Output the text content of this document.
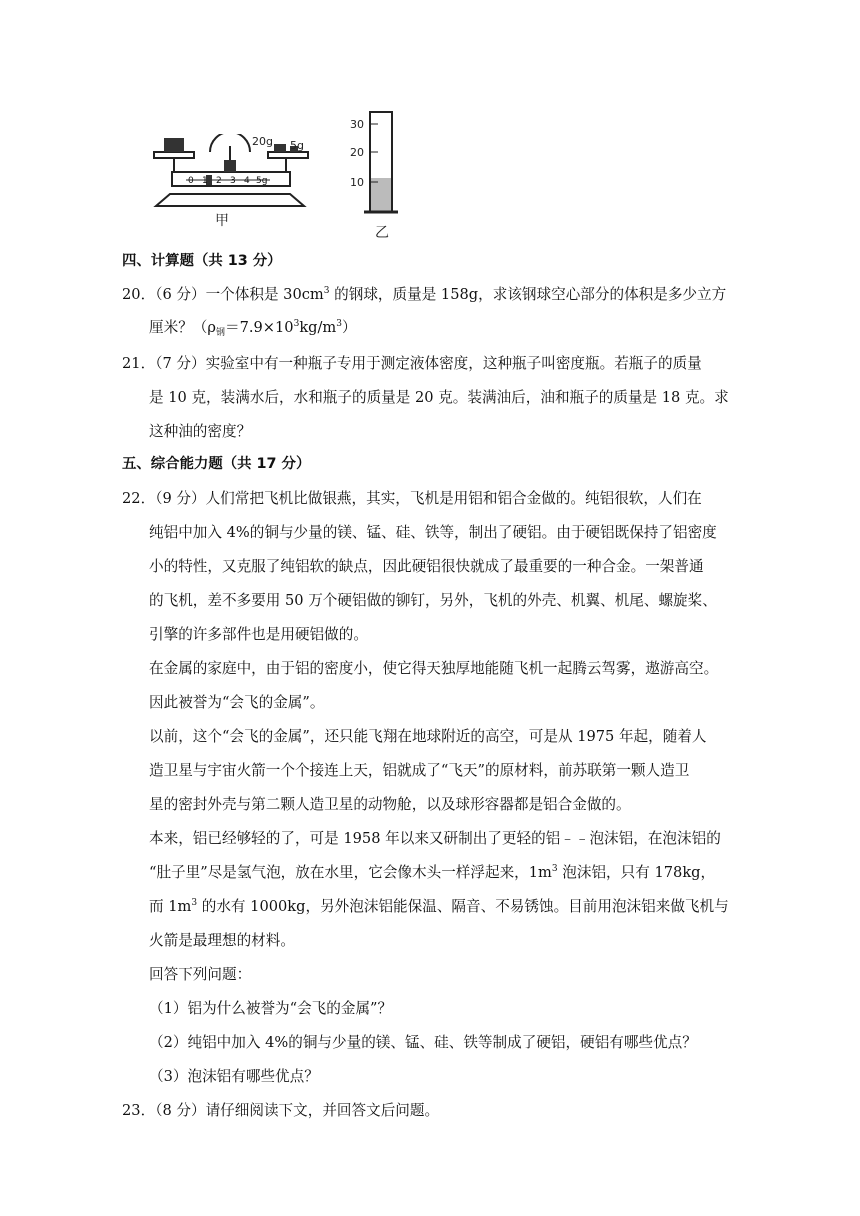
20g 5g
0 1 2 3 4 5g
甲
30
20
10
乙
四、计算题（共 13 分）
20．（6 分）一个体积是 $30cm^3$ 的钢球，质量是 158g，求该钢球空心部分的体积是多少立方
厘米？$(\rho_钢=7.9\times 10^3kg/m^3)$
21．（7 分）实验室中有一种瓶子专用于测定液体密度，这种瓶子叫密度瓶。若瓶子的质量
是 10 克，装满水后，水和瓶子的质量是 20 克。装满油后，油和瓶子的质量是 18 克。求
这种油的密度？
五、综合能力题（共 17 分）
22．（9 分）人们常把飞机比做银燕，其实，飞机是用铝和铝合金做的。纯铝很软，人们在
纯铝中加入 4%的铜与少量的镁、锰、硅、铁等，制出了硬铝。由于硬铝既保持了铝密度
小的特性，又克服了纯铝软的缺点，因此硬铝很快就成了最重要的一种合金。一架普通
的飞机，差不多要用 50 万个硬铝做的铆钉，另外，飞机的外壳、机翼、机尾、螺旋桨、
引擎的许多部件也是用硬铝做的。
在金属的家庭中，由于铝的密度小，使它得天独厚地能随飞机一起腾云驾雾，遨游高空。
因此被誉为“会飞的金属”。
以前，这个“会飞的金属”，还只能飞翔在地球附近的高空，可是从 1975 年起，随着人
造卫星与宇宙火箭一个个接连上天，铝就成了“飞天”的原材料，前苏联第一颗人造卫
星的密封外壳与第二颗人造卫星的动物舱，以及球形容器都是铝合金做的。
本来，铝已经够轻的了，可是 1958 年以来又研制出了更轻的铝﹣﹣泡沫铝，在泡沫铝的
“肚子里”尽是氢气泡，放在水里，它会像木头一样浮起来，$1m^3$ 泡沫铝，只有 178kg，
而 $1m^3$ 的水有 1000kg，另外泡沫铝能保温、隔音、不易锈蚀。目前用泡沫铝来做飞机与
火箭是最理想的材料。
回答下列问题：
（1）铝为什么被誉为“会飞的金属”？
（2）纯铝中加入 4%的铜与少量的镁、锰、硅、铁等制成了硬铝，硬铝有哪些优点？
（3）泡沫铝有哪些优点？
23．（8 分）请仔细阅读下文，并回答文后问题。
